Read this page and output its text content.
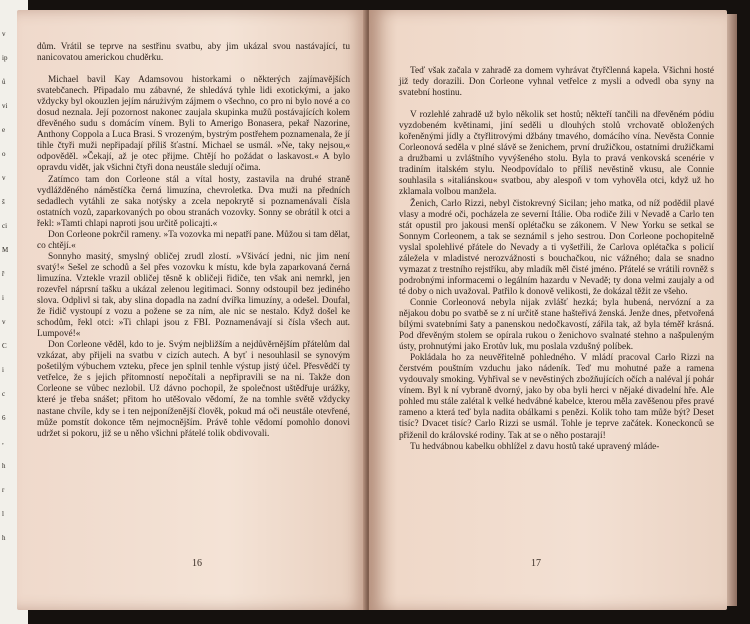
v
ip
ů
vi
e
o
v
š
ci
M
ř
i
v
C
i
c
6
,
h
r
l
h

dům. Vrátil se teprve na sestřinu svatbu, aby jim ukázal svou nastávající, tu nanicovatou americkou chuděrku.

Michael bavil Kay Adamsovou historkami o některých zajímavějších svatebčanech. Připadalo mu zábavné, že shledává tyhle lidi exotickými, a jako vždycky byl okouzlen jejím nárużivým zájmem o všechno, co pro ni bylo nové a co dosud neznala. Její pozornost nakonec zaujala skupinka mužů postávajících kolem dřevěného sudu s domácím vínem. Byli to Amerigo Bonasera, pekař Nazorine, Anthony Coppola a Luca Brasi. S vrozeným, bystrým postřehem poznamenala, že jí tihle čtyři muži nepřipadají příliš šťastní. Michael se usmál. »Ne, taky nejsou,« odpověděl. »Čekají, až je otec přijme. Chtějí ho požádat o laskavost.« A bylo opravdu vidět, jak všichni čtyři dona neustále sledují očima.

Zatímco tam don Corleone stál a vítal hosty, zastavila na druhé straně vydlážděného náměstíčka černá limuzína, chevroletka. Dva muži na předních sedadlech vytáhli ze saka notýsky a zcela nepokrytě si poznamenávali čísla ostatních vozů, zaparkovaných po obou stranách vozovky. Sonny se obrátil k otci a řekl: »Tamti chlapi naproti jsou určitě policajti.«

Don Corleone pokrčil rameny. »Ta vozovka mi nepatří pane. Můžou si tam dělat, co chtějí.«

Sonnyho masitý, smyslný obličej zrudl zlostí. »Všivácí jedni, nic jim není svatý!« Sešel ze schodů a šel přes vozovku k místu, kde byla zaparkovaná černá limuzína. Vztekle vrazil obličej těsně k obličeji řidiče, ten však ani nemrkl, jen rozevřel náprsní tašku a ukázal zelenou legitimaci. Sonny odstoupil bez jediného slova. Odplivl si tak, aby slina dopadla na zadní dvířka limuzíny, a odešel. Doufal, že řidič vystoupí z vozu a požene se za ním, ale nic se nestalo. Když došel ke schodům, řekl otci: »Ti chlapi jsou z FBI. Poznamenávají si čísla všech aut. Lumpové!«

Don Corleone věděl, kdo to je. Svým nejbližším a nejdůvěrnějším přátelům dal vzkázat, aby přijeli na svatbu v cizích autech. A byť i nesouhlasil se synovým pošetilým výbuchem vzteku, přece jen splnil tenhle výstup jistý účel. Přesvědčí ty vetřelce, že s jejich přítomností nepočítali a nepřipravili se na ni. Takže don Corleone se vůbec nezlobil. Už dávno pochopil, že společnost uštědřuje urážky, které je třeba snášet; přitom ho utěšovalo vědomí, že na tomhle světě vždycky nastane chvíle, kdy se i ten nejponíženější člověk, pokud má oči neustále otevřené, může pomstít dokonce těm nejmocnějším. Právě tohle vědomí pomohlo donovi udržet si pokoru, již se u něho všichni přátelé tolik obdivovali.

16

Teď však začala v zahradě za domem vyhrávat čtyřčlenná kapela. Všichni hosté již tedy dorazili. Don Corleone vyhnal vetřelce z mysli a odvedl oba syny na svatební hostinu.

V rozlehlé zahradě už bylo několik set hostů; někteří tančili na dřevěném pódiu vyzdobeném květinami, jiní seděli u dlouhých stolů vrchovatě obložených kořeněnými jídly a čtyřlitrovými džbány tmavého, domácího vína. Nevěsta Connie Corleonová seděla v plné slávě se ženichem, první družičkou, ostatními družičkami a družbami u zvláštního vyvýšeného stolu. Byla to pravá venkovská scenérie v tradiním italském stylu. Neodpovídalo to příliš nevěstině vkusu, ale Connie souhlasila s »italiánskou« svatbou, aby alespoň v tom vyhověla otci, když už ho zklamala volbou manžela.

Ženich, Carlo Rizzi, nebyl čistokrevný Sicilan; jeho matka, od níž podědil plavé vlasy a modré oči, pocházela ze severní Itálie. Oba rodiče žili v Nevadě a Carlo ten stát opustil pro jakousi menší oplétačku se zákonem. V New Yorku se setkal se Sonnym Corleonem, a tak se seznámil s jeho sestrou. Don Corleone pochopitelně vyslal spolehlivé přátele do Nevady a ti vyšetřili, že Carlova oplétačka s policií záležela v mladistvé nerozvážnosti s bouchačkou, nic vážného; dala se snadno vymazat z trestního rejstříku, aby mladík měl čisté jméno. Přátelé se vrátili rovněž s podrobnými informacemi o legálním hazardu v Nevadě; ty dona velmi zaujaly a od té doby o nich uvažoval. Patřilo k donově velikosti, že dokázal těžit ze všeho.

Connie Corleonová nebyla nijak zvlášť hezká; byla hubená, nervózní a za nějakou dobu po svatbě se z ní určitě stane hašteřivá ženská. Jenže dnes, přetvořená bílými svatebními šaty a panenskou nedočkavostí, zářila tak, až byla téměř krásná. Pod dřevěným stolem se opírala rukou o ženichovo svalnaté stehno a našpuleným ústy, prohnutými jako Erotův luk, mu poslala vzdušný políbek.

Pokládala ho za neuvěřitelně pohledného. V mládí pracoval Carlo Rizzi na čerstvém pouštním vzduchu jako nádeník. Teď mu mohutné paže a ramena vydouvaly smoking. Vyhřival se v nevěstiných zbožňujících očích a naléval jí pohár vínem. Byl k ní vybraně dvorný, jako by oba byli herci v nějaké divadelní hře. Ale pohled mu stále zalétal k velké hedvábné kabelce, kterou měla zavěšenou přes pravé rameno a která teď byla nadita obálkami s penězi. Kolik toho tam může být? Deset tisíc? Dvacet tisíc? Carlo Rizzi se usmál. Tohle je teprve začátek. Koneckonců se přiženil do královské rodiny. Tak at se o něho postarají!

Tu hedvábnou kabelku obhlížel z davu hostů také upravený mláde-

17
